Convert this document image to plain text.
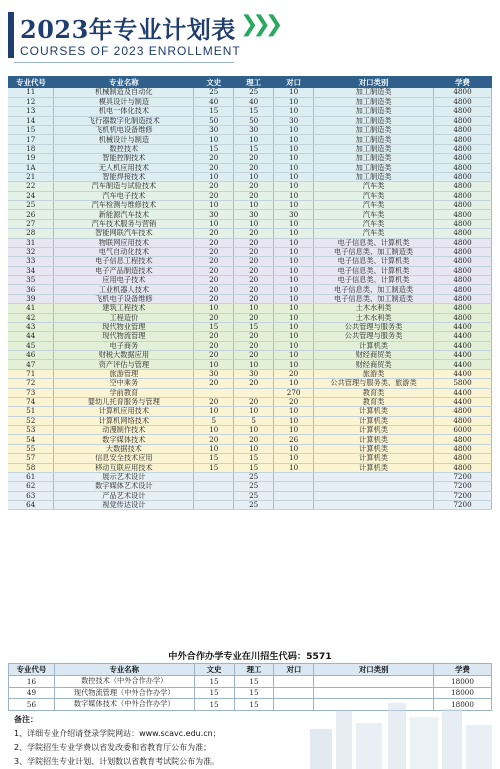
2023年专业计划表 ❯❯❯
COURSES OF 2023 ENROLLMENT
专业代号	专业名称	文史	理工	对口	对口类别	学费
11	机械制造及自动化	25	25	10	加工制造类	4800
12	模具设计与制造	40	40	10	加工制造类	4800
13	机电一体化技术	15	15	10	加工制造类	4800
14	飞行器数字化制造技术	50	50	30	加工制造类	4800
15	飞机机电设备维修	30	30	10	加工制造类	4800
17	机械设计与制造	10	10	10	加工制造类	4800
18	数控技术	15	15	10	加工制造类	4800
19	智能控制技术	20	20	10	加工制造类	4800
1A	无人机应用技术	20	20	10	加工制造类	4800
21	智能焊接技术	10	10	10	加工制造类	4800
22	汽车制造与试验技术	20	20	10	汽车类	4800
24	汽车电子技术	20	20	10	汽车类	4800
25	汽车检测与维修技术	10	10	10	汽车类	4800
26	新能源汽车技术	30	30	30	汽车类	4800
27	汽车技术服务与营销	10	10	10	汽车类	4800
28	智能网联汽车技术	20	20	10	汽车类	4800
31	物联网应用技术	20	20	10	电子信息类、计算机类	4800
32	电气自动化技术	20	20	10	电子信息类、加工制造类	4800
33	电子信息工程技术	20	20	10	电子信息类、计算机类	4800
34	电子产品制造技术	20	20	10	电子信息类、计算机类	4800
35	应用电子技术	20	20	10	电子信息类、计算机类	4800
36	工业机器人技术	20	20	10	电子信息类、加工制造类	4800
39	飞机电子设备维修	20	20	10	电子信息类、加工制造类	4800
41	建筑工程技术	10	10	10	土木水利类	4800
42	工程造价	20	20	10	土木水利类	4800
43	现代物业管理	15	15	10	公共管理与服务类	4400
44	现代物流管理	20	20	10	公共管理与服务类	4400
45	电子商务	20	20	10	计算机类	4400
46	财税大数据应用	20	20	10	财经商贸类	4400
47	资产评估与管理	10	10	10	财经商贸类	4400
71	旅游管理	30	30	20	旅游类	4400
72	空中乘务	20	20	10	公共管理与服务类、旅游类	5800
73	学前教育			270	教育类	4400
74	婴幼儿托育服务与管理	20	20	20	教育类	4400
51	计算机应用技术	10	10	10	计算机类	4800
52	计算机网络技术	5	5	10	计算机类	4800
53	动漫制作技术	10	10	10	计算机类	6000
54	数字媒体技术	20	20	26	计算机类	4800
55	大数据技术	10	10	10	计算机类	4800
57	信息安全技术应用	15	15	10	计算机类	4800
58	移动互联应用技术	15	15	10	计算机类	4800
61	展示艺术设计		25			7200
62	数字媒体艺术设计		25			7200
63	产品艺术设计		25			7200
64	视觉传达设计		25			7200
中外合作办学专业在川招生代码：5571
专业代号	专业名称	文史	理工	对口	对口类别	学费
16	数控技术（中外合作办学）	15	15			18000
49	现代物流管理（中外合作办学）	15	15			18000
56	数字媒体技术（中外合作办学）	15	15			18000
备注：
1、详细专业介绍请登录学院网站：www.scavc.edu.cn；
2、学院招生专业学费以省发改委和省教育厅公布为准；
3、学院招生专业计划、计划数以省教育考试院公布为准。
